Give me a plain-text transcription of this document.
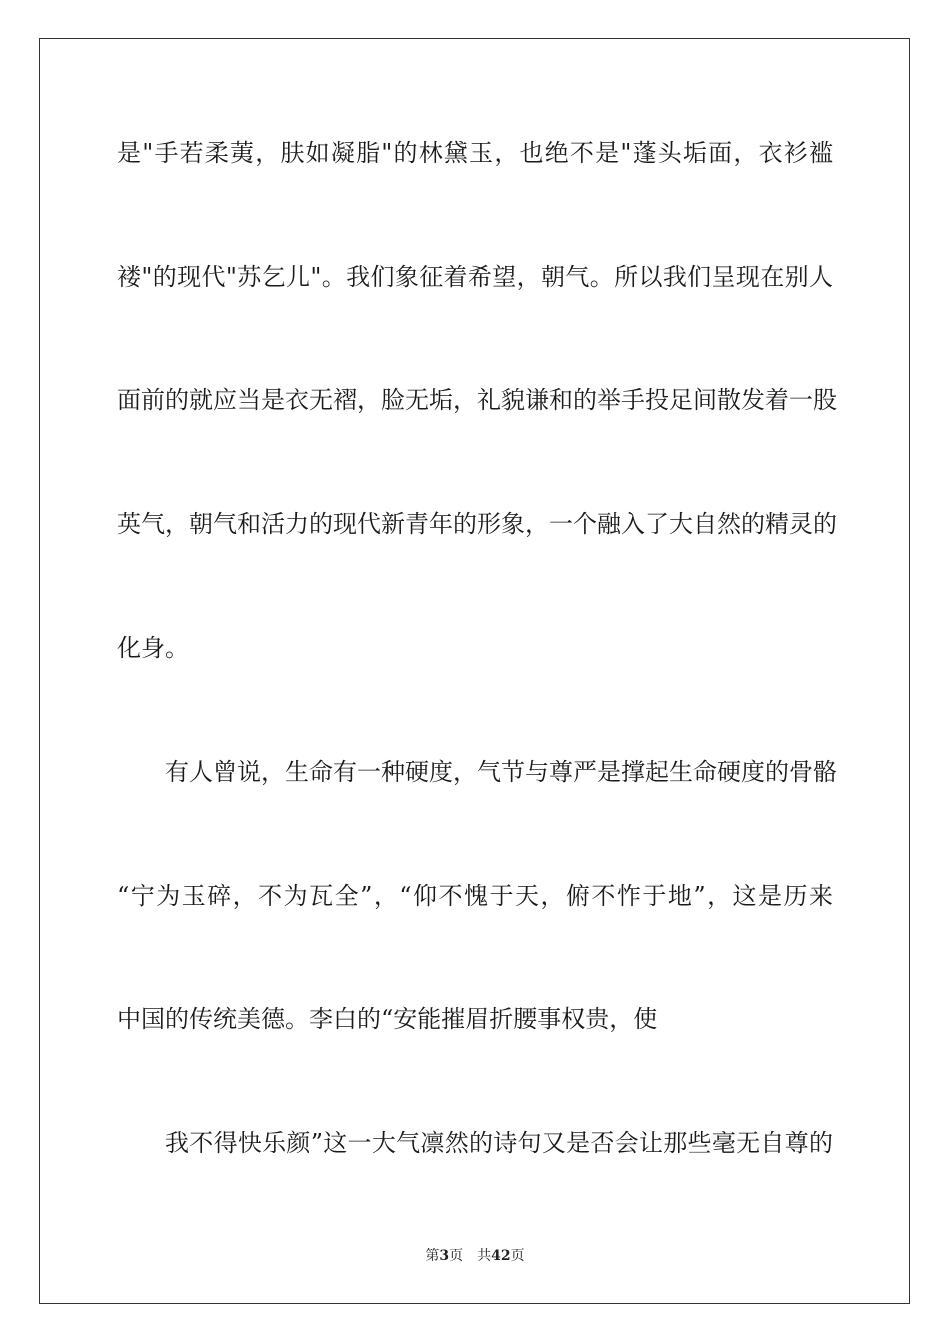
是"手若柔荑，肤如凝脂"的林黛玉，也绝不是"蓬头垢面，衣衫褴
褛"的现代"苏乞儿"。我们象征着希望，朝气。所以我们呈现在别人
面前的就应当是衣无褶，脸无垢，礼貌谦和的举手投足间散发着一股
英气，朝气和活力的现代新青年的形象，一个融入了大自然的精灵的
化身。
有人曾说，生命有一种硬度，气节与尊严是撑起生命硬度的骨骼
“宁为玉碎，不为瓦全”，“仰不愧于天，俯不怍于地”，这是历来
中国的传统美德。李白的“安能摧眉折腰事权贵，使
我不得快乐颜”这一大气凛然的诗句又是否会让那些毫无自尊的
第3页 共42页
